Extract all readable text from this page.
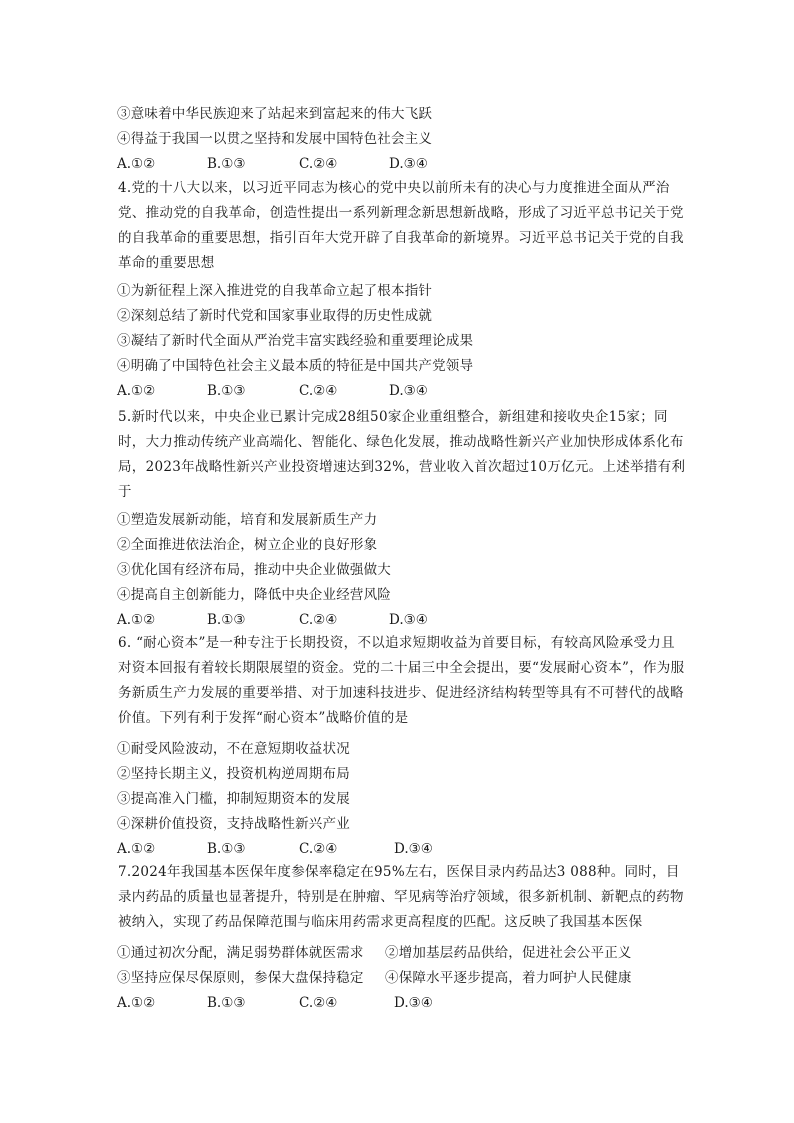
③意味着中华民族迎来了站起来到富起来的伟大飞跃
④得益于我国一以贯之坚持和发展中国特色社会主义
A.①②	B.①③	C.②④	D.③④
4.党的十八大以来，以习近平同志为核心的党中央以前所未有的决心与力度推进全面从严治党、推动党的自我革命，创造性提出一系列新理念新思想新战略，形成了习近平总书记关于党的自我革命的重要思想，指引百年大党开辟了自我革命的新境界。习近平总书记关于党的自我革命的重要思想
①为新征程上深入推进党的自我革命立起了根本指针
②深刻总结了新时代党和国家事业取得的历史性成就
③凝结了新时代全面从严治党丰富实践经验和重要理论成果
④明确了中国特色社会主义最本质的特征是中国共产党领导
A.①②	B.①③	C.②④	D.③④
5.新时代以来，中央企业已累计完成28组50家企业重组整合，新组建和接收央企15家；同时，大力推动传统产业高端化、智能化、绿色化发展，推动战略性新兴产业加快形成体系化布局，2023年战略性新兴产业投资增速达到32%，营业收入首次超过10万亿元。上述举措有利于
①塑造发展新动能，培育和发展新质生产力
②全面推进依法治企，树立企业的良好形象
③优化国有经济布局，推动中央企业做强做大
④提高自主创新能力，降低中央企业经营风险
A.①②	B.①③	C.②④	D.③④
6. “耐心资本”是一种专注于长期投资，不以追求短期收益为首要目标，有较高风险承受力且对资本回报有着较长期限展望的资金。党的二十届三中全会提出，要“发展耐心资本”，作为服务新质生产力发展的重要举措、对于加速科技进步、促进经济结构转型等具有不可替代的战略价值。下列有利于发挥“耐心资本”战略价值的是
①耐受风险波动，不在意短期收益状况
②坚持长期主义，投资机构逆周期布局
③提高准入门槛，抑制短期资本的发展
④深耕价值投资，支持战略性新兴产业
A.①②	B.①③	C.②④	D.③④
7.2024年我国基本医保年度参保率稳定在95%左右，医保目录内药品达3 088种。同时，目录内药品的质量也显著提升，特别是在肿瘤、罕见病等治疗领域，很多新机制、新靶点的药物被纳入，实现了药品保障范围与临床用药需求更高程度的匹配。这反映了我国基本医保
①通过初次分配，满足弱势群体就医需求 ②增加基层药品供给，促进社会公平正义
③坚持应保尽保原则，参保大盘保持稳定 ④保障水平逐步提高，着力呵护人民健康
A.①②	B.①③	C.②④	D.③④
